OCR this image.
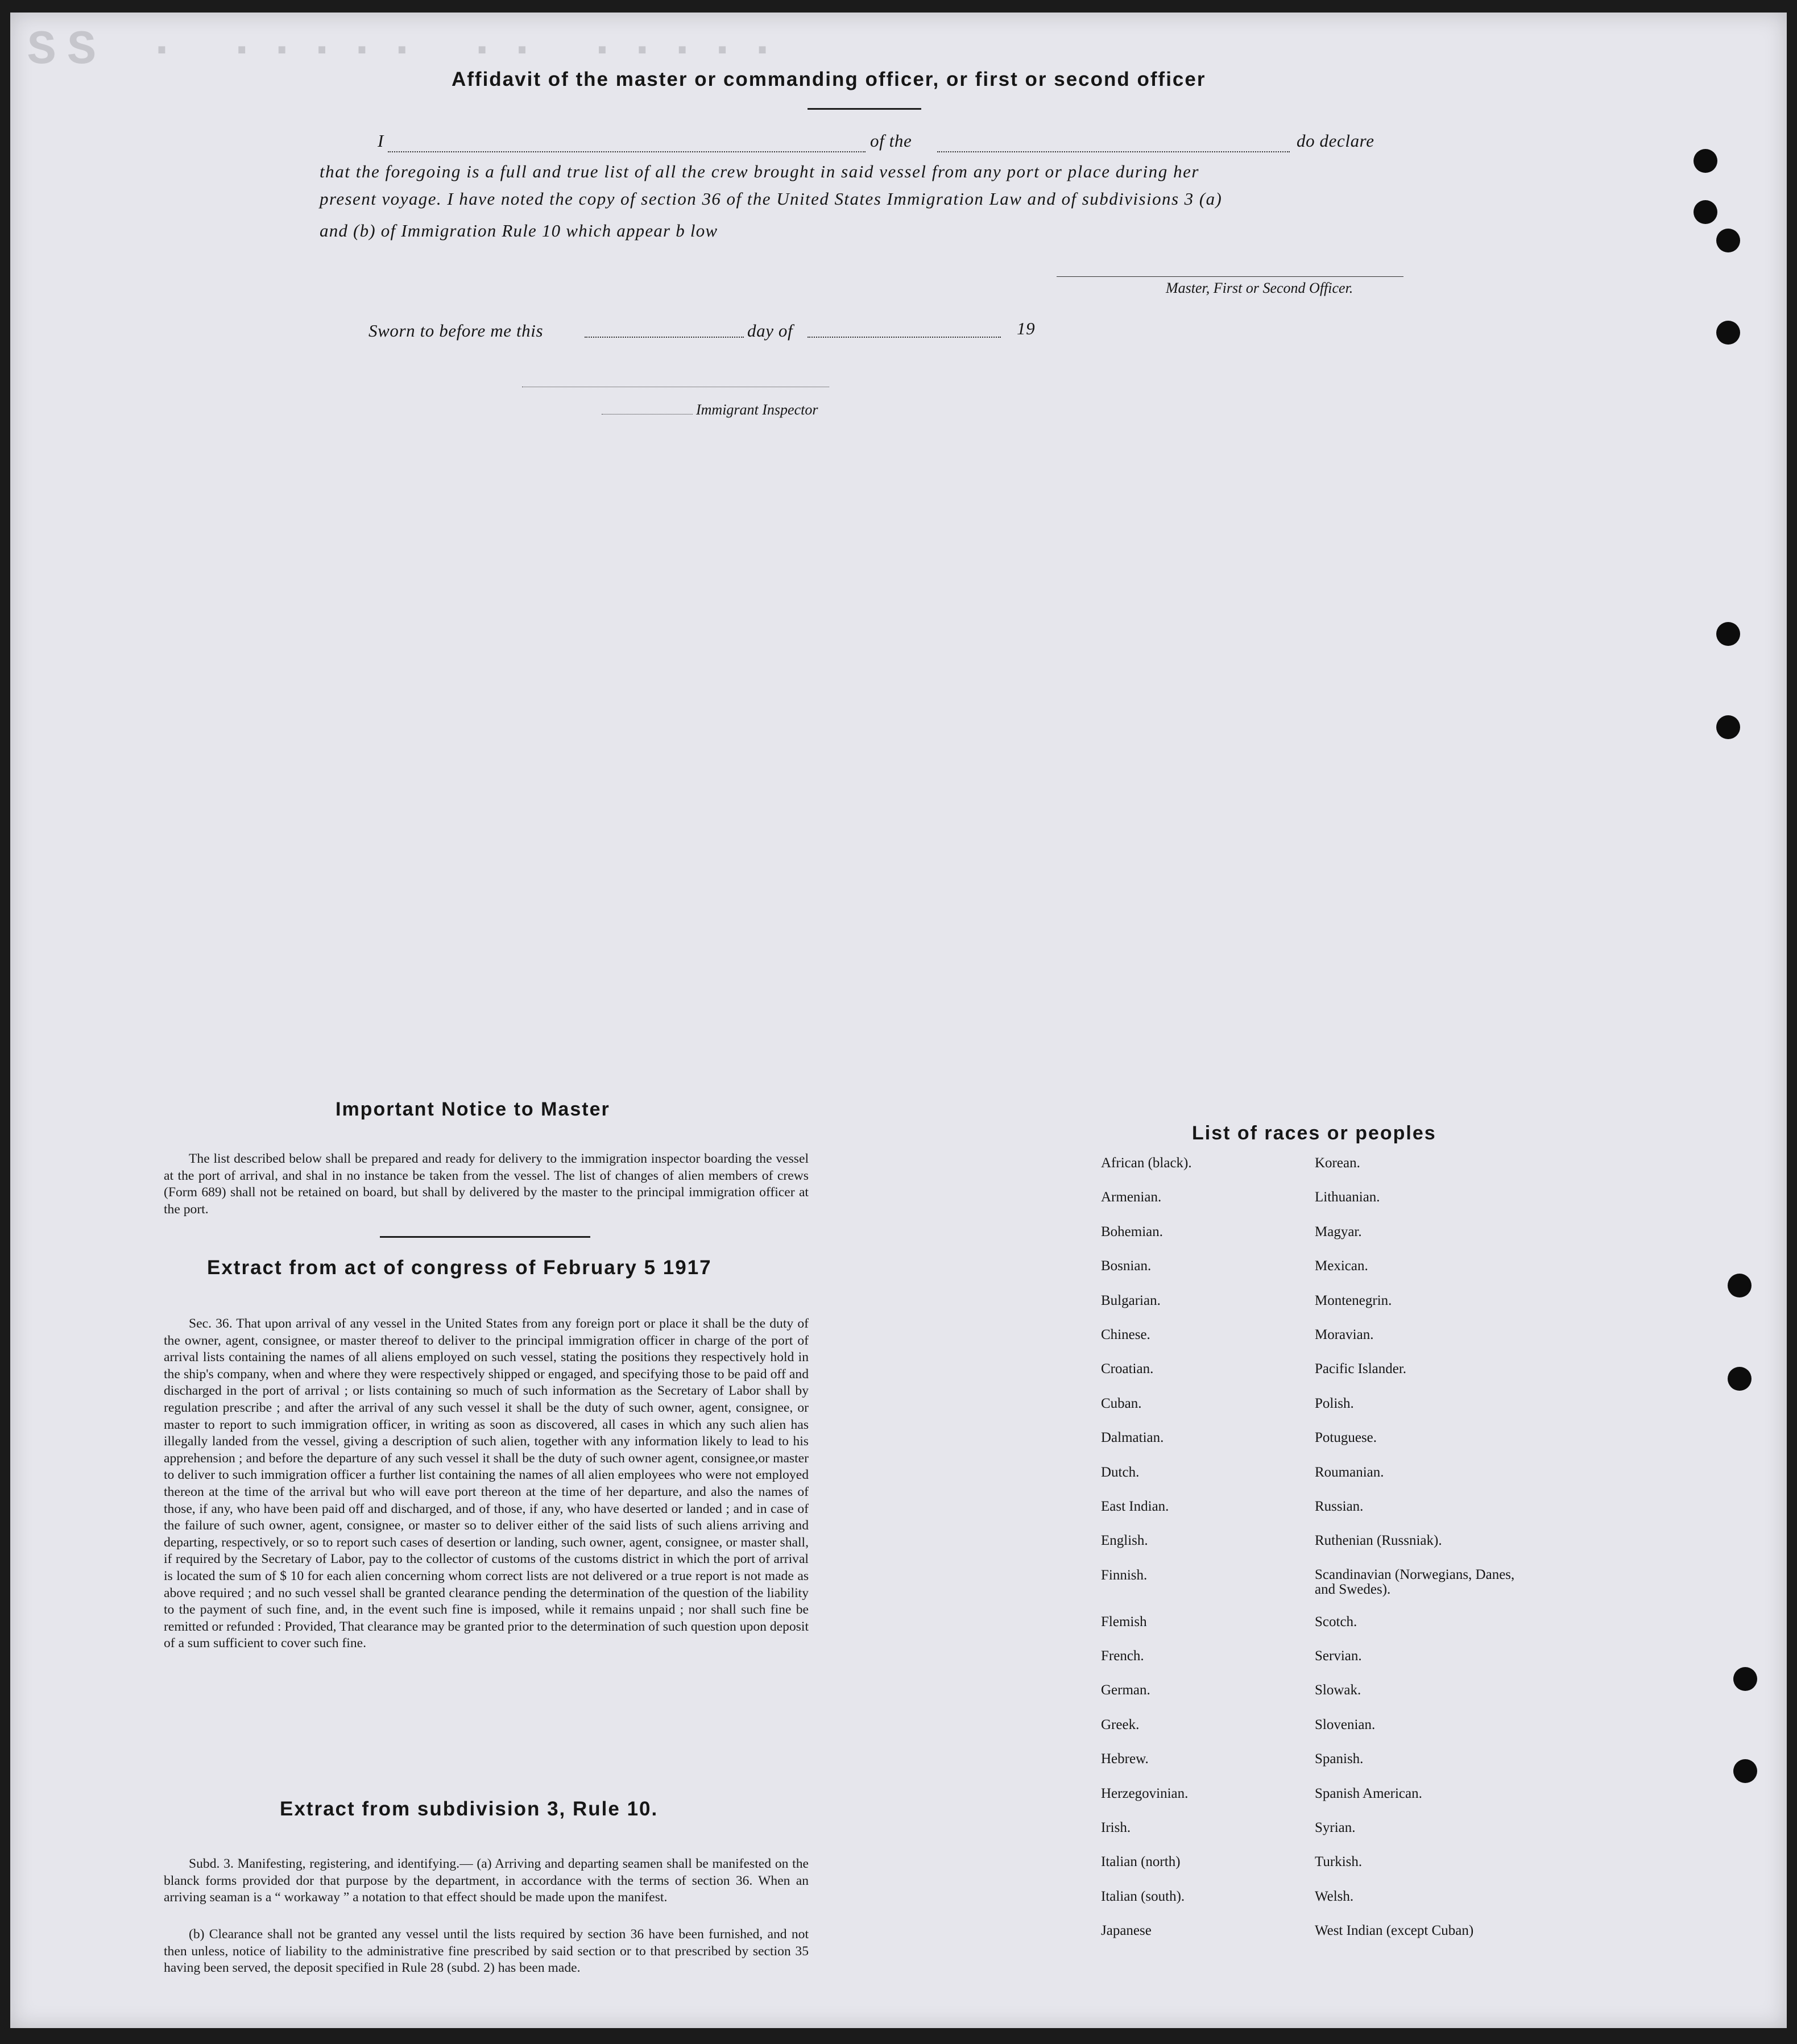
SS · ····· ·· ·····
Affidavit of the master or commanding officer, or first or second officer
I	of the	do declare
that the foregoing is a full and true list of all the crew brought in said vessel from any port or place during her
present voyage. I have noted the copy of section 36 of the United States Immigration Law and of subdivisions 3 (a)
and (b) of Immigration Rule 10 which appear b low
Master, First or Second Officer.
Sworn to before me this	day of	19
Immigrant Inspector
Important Notice to Master
The list described below shall be prepared and ready for delivery to the immigration inspector boarding the vessel at the port of arrival, and shal in no instance be taken from the vessel. The list of changes of alien members of crews (Form 689) shall not be retained on board, but shall by delivered by the master to the principal immigration officer at the port.
Extract from act of congress of February 5 1917
Sec. 36. That upon arrival of any vessel in the United States from any foreign port or place it shall be the duty of the owner, agent, consignee, or master thereof to deliver to the principal immigration officer in charge of the port of arrival lists containing the names of all aliens employed on such vessel, stating the positions they respectively hold in the ship's company, when and where they were respectively shipped or engaged, and specifying those to be paid off and discharged in the port of arrival ; or lists containing so much of such information as the Secretary of Labor shall by regulation prescribe ; and after the arrival of any such vessel it shall be the duty of such owner, agent, consignee, or master to report to such immigration officer, in writing as soon as discovered, all cases in which any such alien has illegally landed from the vessel, giving a description of such alien, together with any information likely to lead to his apprehension ; and before the departure of any such vessel it shall be the duty of such owner agent, consignee,or master to deliver to such immigration officer a further list containing the names of all alien employees who were not employed thereon at the time of the arrival but who will eave port thereon at the time of her departure, and also the names of those, if any, who have been paid off and discharged, and of those, if any, who have deserted or landed ; and in case of the failure of such owner, agent, consignee, or master so to deliver either of the said lists of such aliens arriving and departing, respectively, or so to report such cases of desertion or landing, such owner, agent, consignee, or master shall, if required by the Secretary of Labor, pay to the collector of customs of the customs district in which the port of arrival is located the sum of $ 10 for each alien concerning whom correct lists are not delivered or a true report is not made as above required ; and no such vessel shall be granted clearance pending the determination of the question of the liability to the payment of such fine, and, in the event such fine is imposed, while it remains unpaid ; nor shall such fine be remitted or refunded : Provided, That clearance may be granted prior to the determination of such question upon deposit of a sum sufficient to cover such fine.
Extract from subdivision 3, Rule 10.
Subd. 3. Manifesting, registering, and identifying.— (a) Arriving and departing seamen shall be manifested on the blanck forms provided dor that purpose by the department, in accordance with the terms of section 36. When an arriving seaman is a “ workaway ” a notation to that effect should be made upon the manifest.
(b) Clearance shall not be granted any vessel until the lists required by section 36 have been furnished, and not then unless, notice of liability to the administrative fine prescribed by said section or to that prescribed by section 35 having been served, the deposit specified in Rule 28 (subd. 2) has been made.
List of races or peoples
African (black).	Korean.
Armenian.	Lithuanian.
Bohemian.	Magyar.
Bosnian.	Mexican.
Bulgarian.	Montenegrin.
Chinese.	Moravian.
Croatian.	Pacific Islander.
Cuban.	Polish.
Dalmatian.	Potuguese.
Dutch.	Roumanian.
East Indian.	Russian.
English.	Ruthenian (Russniak).
Finnish.	Scandinavian (Norwegians, Danes, and Swedes).
Flemish	Scotch.
French.	Servian.
German.	Slowak.
Greek.	Slovenian.
Hebrew.	Spanish.
Herzegovinian.	Spanish American.
Irish.	Syrian.
Italian (north)	Turkish.
Italian (south).	Welsh.
Japanese	West Indian (except Cuban)
